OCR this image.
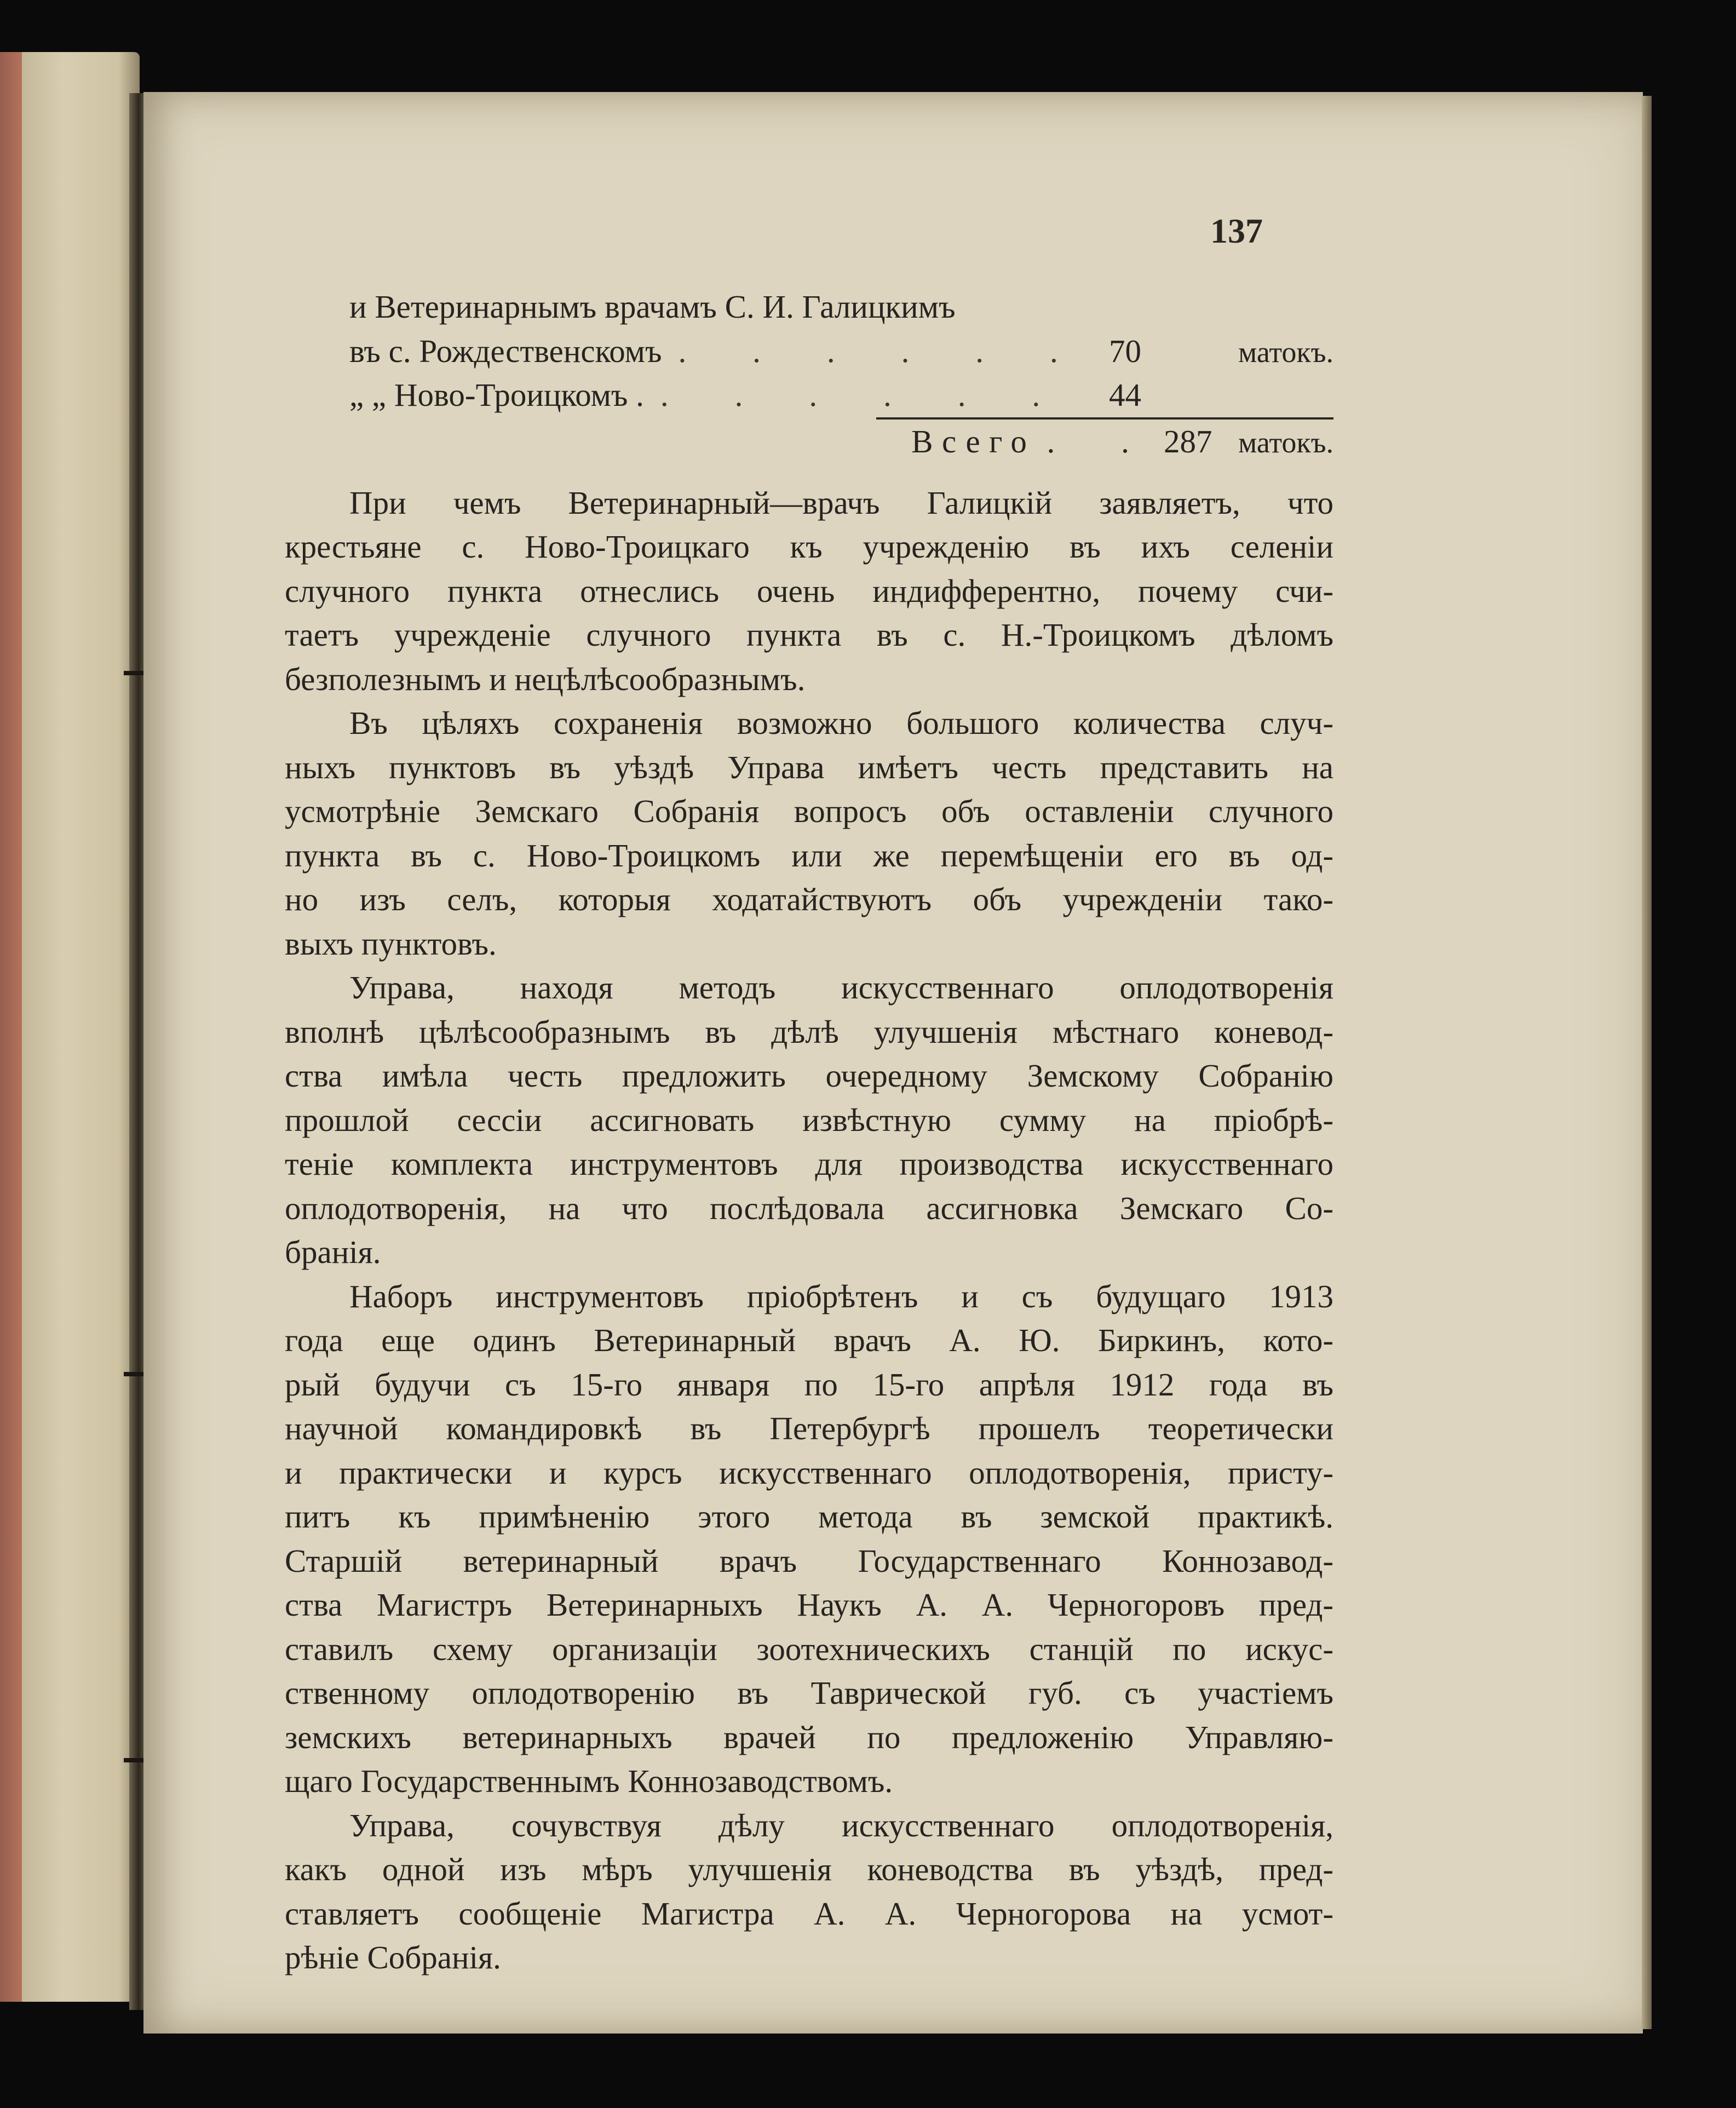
137
и Ветеринарнымъ врачамъ С. И. Галицкимъ
въ с. Рождественскомъ . . . . . . 70	матокъ.
„ „ Ново-Троицкомъ . . . . . . .	44
Всего . . 287 матокъ.
При чемъ Ветеринарный—врачъ Галицкій заявляетъ, что
крестьяне с. Ново-Троицкаго къ учрежденію въ ихъ селеніи
случного пункта отнеслись очень индифферентно, почему счи-
таетъ учрежденіе случного пункта въ с. Н.-Троицкомъ дѣломъ
безполезнымъ и нецѣлѣсообразнымъ.
Въ цѣляхъ сохраненія возможно большого количества случ-
ныхъ пунктовъ въ уѣздѣ Управа имѣетъ честь представить на
усмотрѣніе Земскаго Собранія вопросъ объ оставленіи случного
пункта въ с. Ново-Троицкомъ или же перемѣщеніи его въ од-
но изъ селъ, которыя ходатайствуютъ объ учрежденіи тако-
выхъ пунктовъ.
Управа, находя методъ искусственнаго оплодотворенія
вполнѣ цѣлѣсообразнымъ въ дѣлѣ улучшенія мѣстнаго коневод-
ства имѣла честь предложить очередному Земскому Собранію
прошлой сессіи ассигновать извѣстную сумму на пріобрѣ-
теніе комплекта инструментовъ для производства искусственнаго
оплодотворенія, на что послѣдовала ассигновка Земскаго Со-
бранія.
Наборъ инструментовъ пріобрѣтенъ и съ будущаго 1913
года еще одинъ Ветеринарный врачъ А. Ю. Биркинъ, кото-
рый будучи съ 15-го января по 15-го апрѣля 1912 года въ
научной командировкѣ въ Петербургѣ прошелъ теоретически
и практически и курсъ искусственнаго оплодотворенія, присту-
питъ къ примѣненію этого метода въ земской практикѣ.
Старшій ветеринарный врачъ Государственнаго Коннозавод-
ства Магистръ Ветеринарныхъ Наукъ А. А. Черногоровъ пред-
ставилъ схему организаціи зоотехническихъ станцій по искус-
ственному оплодотворенію въ Таврической губ. съ участіемъ
земскихъ ветеринарныхъ врачей по предложенію Управляю-
щаго Государственнымъ Коннозаводствомъ.
Управа, сочувствуя дѣлу искусственнаго оплодотворенія,
какъ одной изъ мѣръ улучшенія коневодства въ уѣздѣ, пред-
ставляетъ сообщеніе Магистра А. А. Черногорова на усмот-
рѣніе Собранія.
